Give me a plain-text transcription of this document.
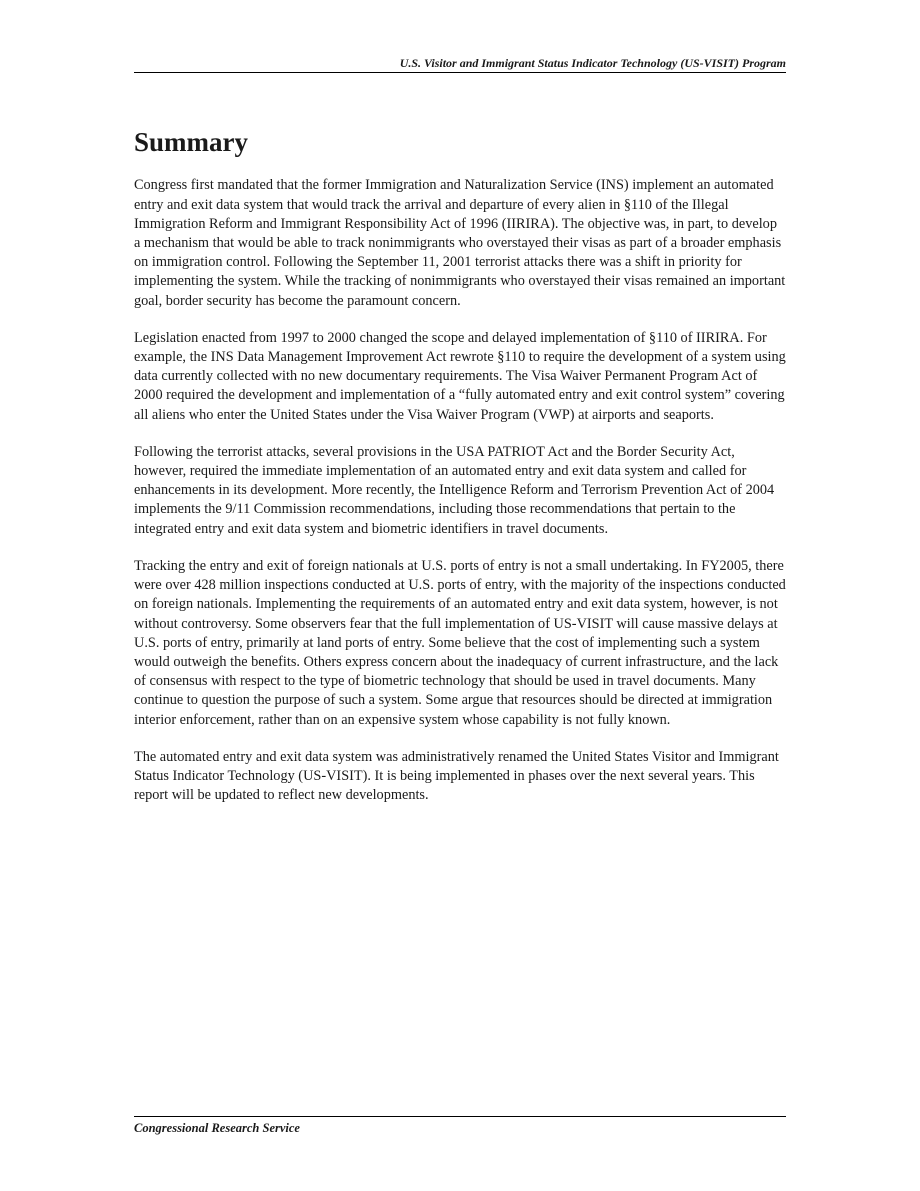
U.S. Visitor and Immigrant Status Indicator Technology (US-VISIT) Program
Summary

Congress first mandated that the former Immigration and Naturalization Service (INS) implement an automated entry and exit data system that would track the arrival and departure of every alien in §110 of the Illegal Immigration Reform and Immigrant Responsibility Act of 1996 (IIRIRA). The objective was, in part, to develop a mechanism that would be able to track nonimmigrants who overstayed their visas as part of a broader emphasis on immigration control. Following the September 11, 2001 terrorist attacks there was a shift in priority for implementing the system. While the tracking of nonimmigrants who overstayed their visas remained an important goal, border security has become the paramount concern.

Legislation enacted from 1997 to 2000 changed the scope and delayed implementation of §110 of IIRIRA. For example, the INS Data Management Improvement Act rewrote §110 to require the development of a system using data currently collected with no new documentary requirements. The Visa Waiver Permanent Program Act of 2000 required the development and implementation of a “fully automated entry and exit control system” covering all aliens who enter the United States under the Visa Waiver Program (VWP) at airports and seaports.

Following the terrorist attacks, several provisions in the USA PATRIOT Act and the Border Security Act, however, required the immediate implementation of an automated entry and exit data system and called for enhancements in its development. More recently, the Intelligence Reform and Terrorism Prevention Act of 2004 implements the 9/11 Commission recommendations, including those recommendations that pertain to the integrated entry and exit data system and biometric identifiers in travel documents.

Tracking the entry and exit of foreign nationals at U.S. ports of entry is not a small undertaking. In FY2005, there were over 428 million inspections conducted at U.S. ports of entry, with the majority of the inspections conducted on foreign nationals. Implementing the requirements of an automated entry and exit data system, however, is not without controversy. Some observers fear that the full implementation of US-VISIT will cause massive delays at U.S. ports of entry, primarily at land ports of entry. Some believe that the cost of implementing such a system would outweigh the benefits. Others express concern about the inadequacy of current infrastructure, and the lack of consensus with respect to the type of biometric technology that should be used in travel documents. Many continue to question the purpose of such a system. Some argue that resources should be directed at immigration interior enforcement, rather than on an expensive system whose capability is not fully known.

The automated entry and exit data system was administratively renamed the United States Visitor and Immigrant Status Indicator Technology (US-VISIT). It is being implemented in phases over the next several years. This report will be updated to reflect new developments.

Congressional Research Service
